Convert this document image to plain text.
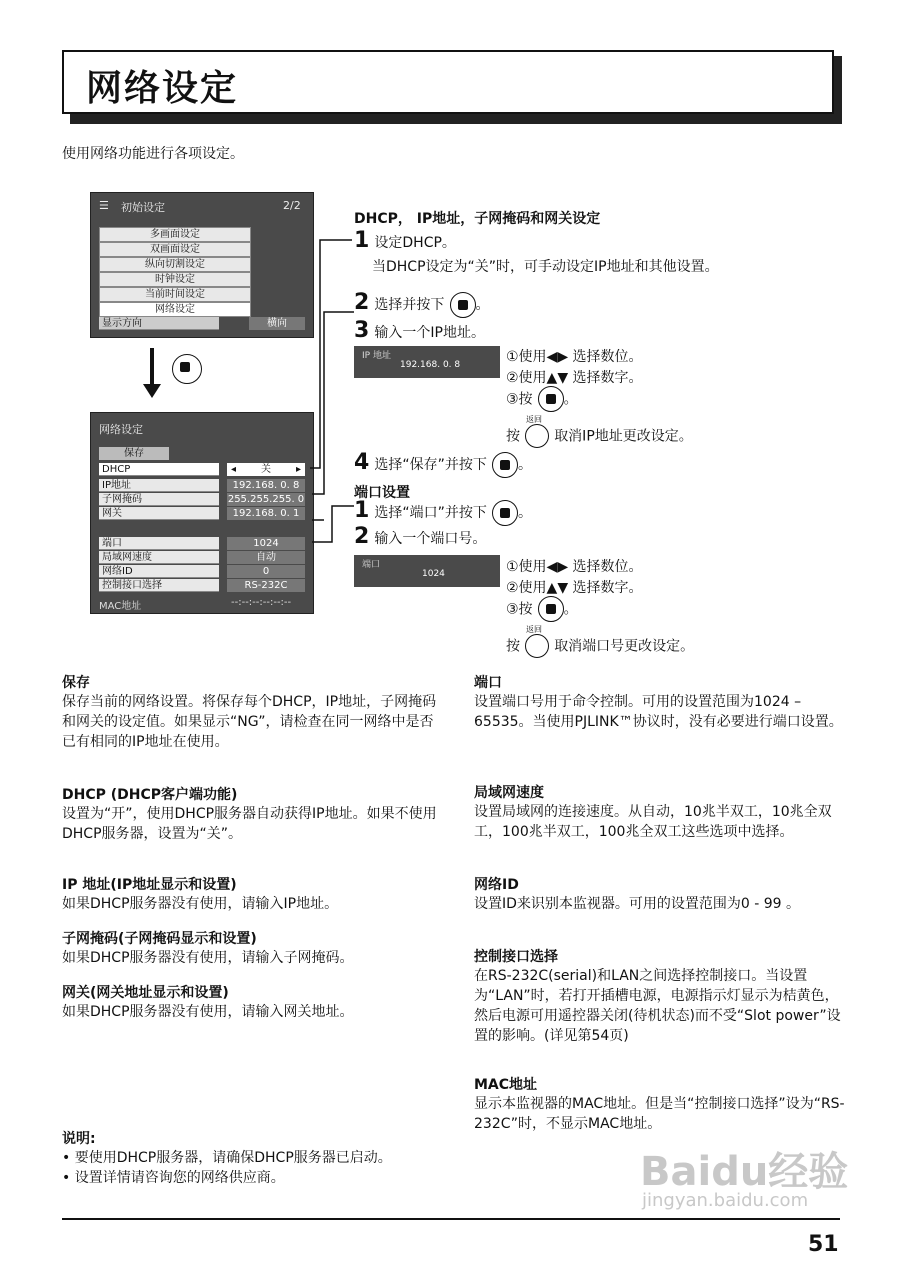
网络设定
使用网络功能进行各项设定。
☰ 初始设定	2/2
多画面设定
双画面设定
纵向切割设定
时钟设定
当前时间设定
网络设定
显示方向	横向
网络设定
保存
DHCP	◂ 关 ▸
IP地址	192.168. 0. 8
子网掩码	255.255.255. 0
网关	192.168. 0. 1
端口	1024
局域网速度	自动
网络ID	0
控制接口选择	RS-232C
MAC地址	--:--:--:--:--:--
DHCP， IP地址，子网掩码和网关设定
1 设定DHCP。
当DHCP设定为“关”时，可手动设定IP地址和其他设置。
2 选择并按下 。
3 输入一个IP地址。
IP 地址
192.168. 0. 8	①使用◀▶ 选择数位。
②使用▲▼ 选择数字。
③按 。
返回
按 取消IP地址更改设定。
4 选择“保存”并按下 。
端口设置
1 选择“端口”并按下 。
2 输入一个端口号。
端口
1024	①使用◀▶ 选择数位。
②使用▲▼ 选择数字。
③按 。
返回
按 取消端口号更改设定。
保存
保存当前的网络设置。将保存每个DHCP，IP地址，子网掩码和网关的设定值。如果显示“NG”，请检查在同一网络中是否已有相同的IP地址在使用。
DHCP (DHCP客户端功能)
设置为“开”，使用DHCP服务器自动获得IP地址。如果不使用DHCP服务器，设置为“关”。
IP 地址(IP地址显示和设置)
如果DHCP服务器没有使用，请输入IP地址。
子网掩码(子网掩码显示和设置)
如果DHCP服务器没有使用，请输入子网掩码。
网关(网关地址显示和设置)
如果DHCP服务器没有使用，请输入网关地址。
端口
设置端口号用于命令控制。可用的设置范围为1024 – 65535。当使用PJLINK™协议时，没有必要进行端口设置。
局域网速度
设置局域网的连接速度。从自动，10兆半双工，10兆全双工，100兆半双工，100兆全双工这些选项中选择。
网络ID
设置ID来识别本监视器。可用的设置范围为0 - 99 。
控制接口选择
在RS-232C(serial)和LAN之间选择控制接口。当设置为“LAN”时，若打开插槽电源，电源指示灯显示为桔黄色，然后电源可用遥控器关闭(待机状态)而不受“Slot power”设置的影响。(详见第54页)
MAC地址
显示本监视器的MAC地址。但是当“控制接口选择”设为“RS-232C”时，不显示MAC地址。
说明:
• 要使用DHCP服务器，请确保DHCP服务器已启动。
• 设置详情请咨询您的网络供应商。	Baidu经验
jingyan.baidu.com
51
